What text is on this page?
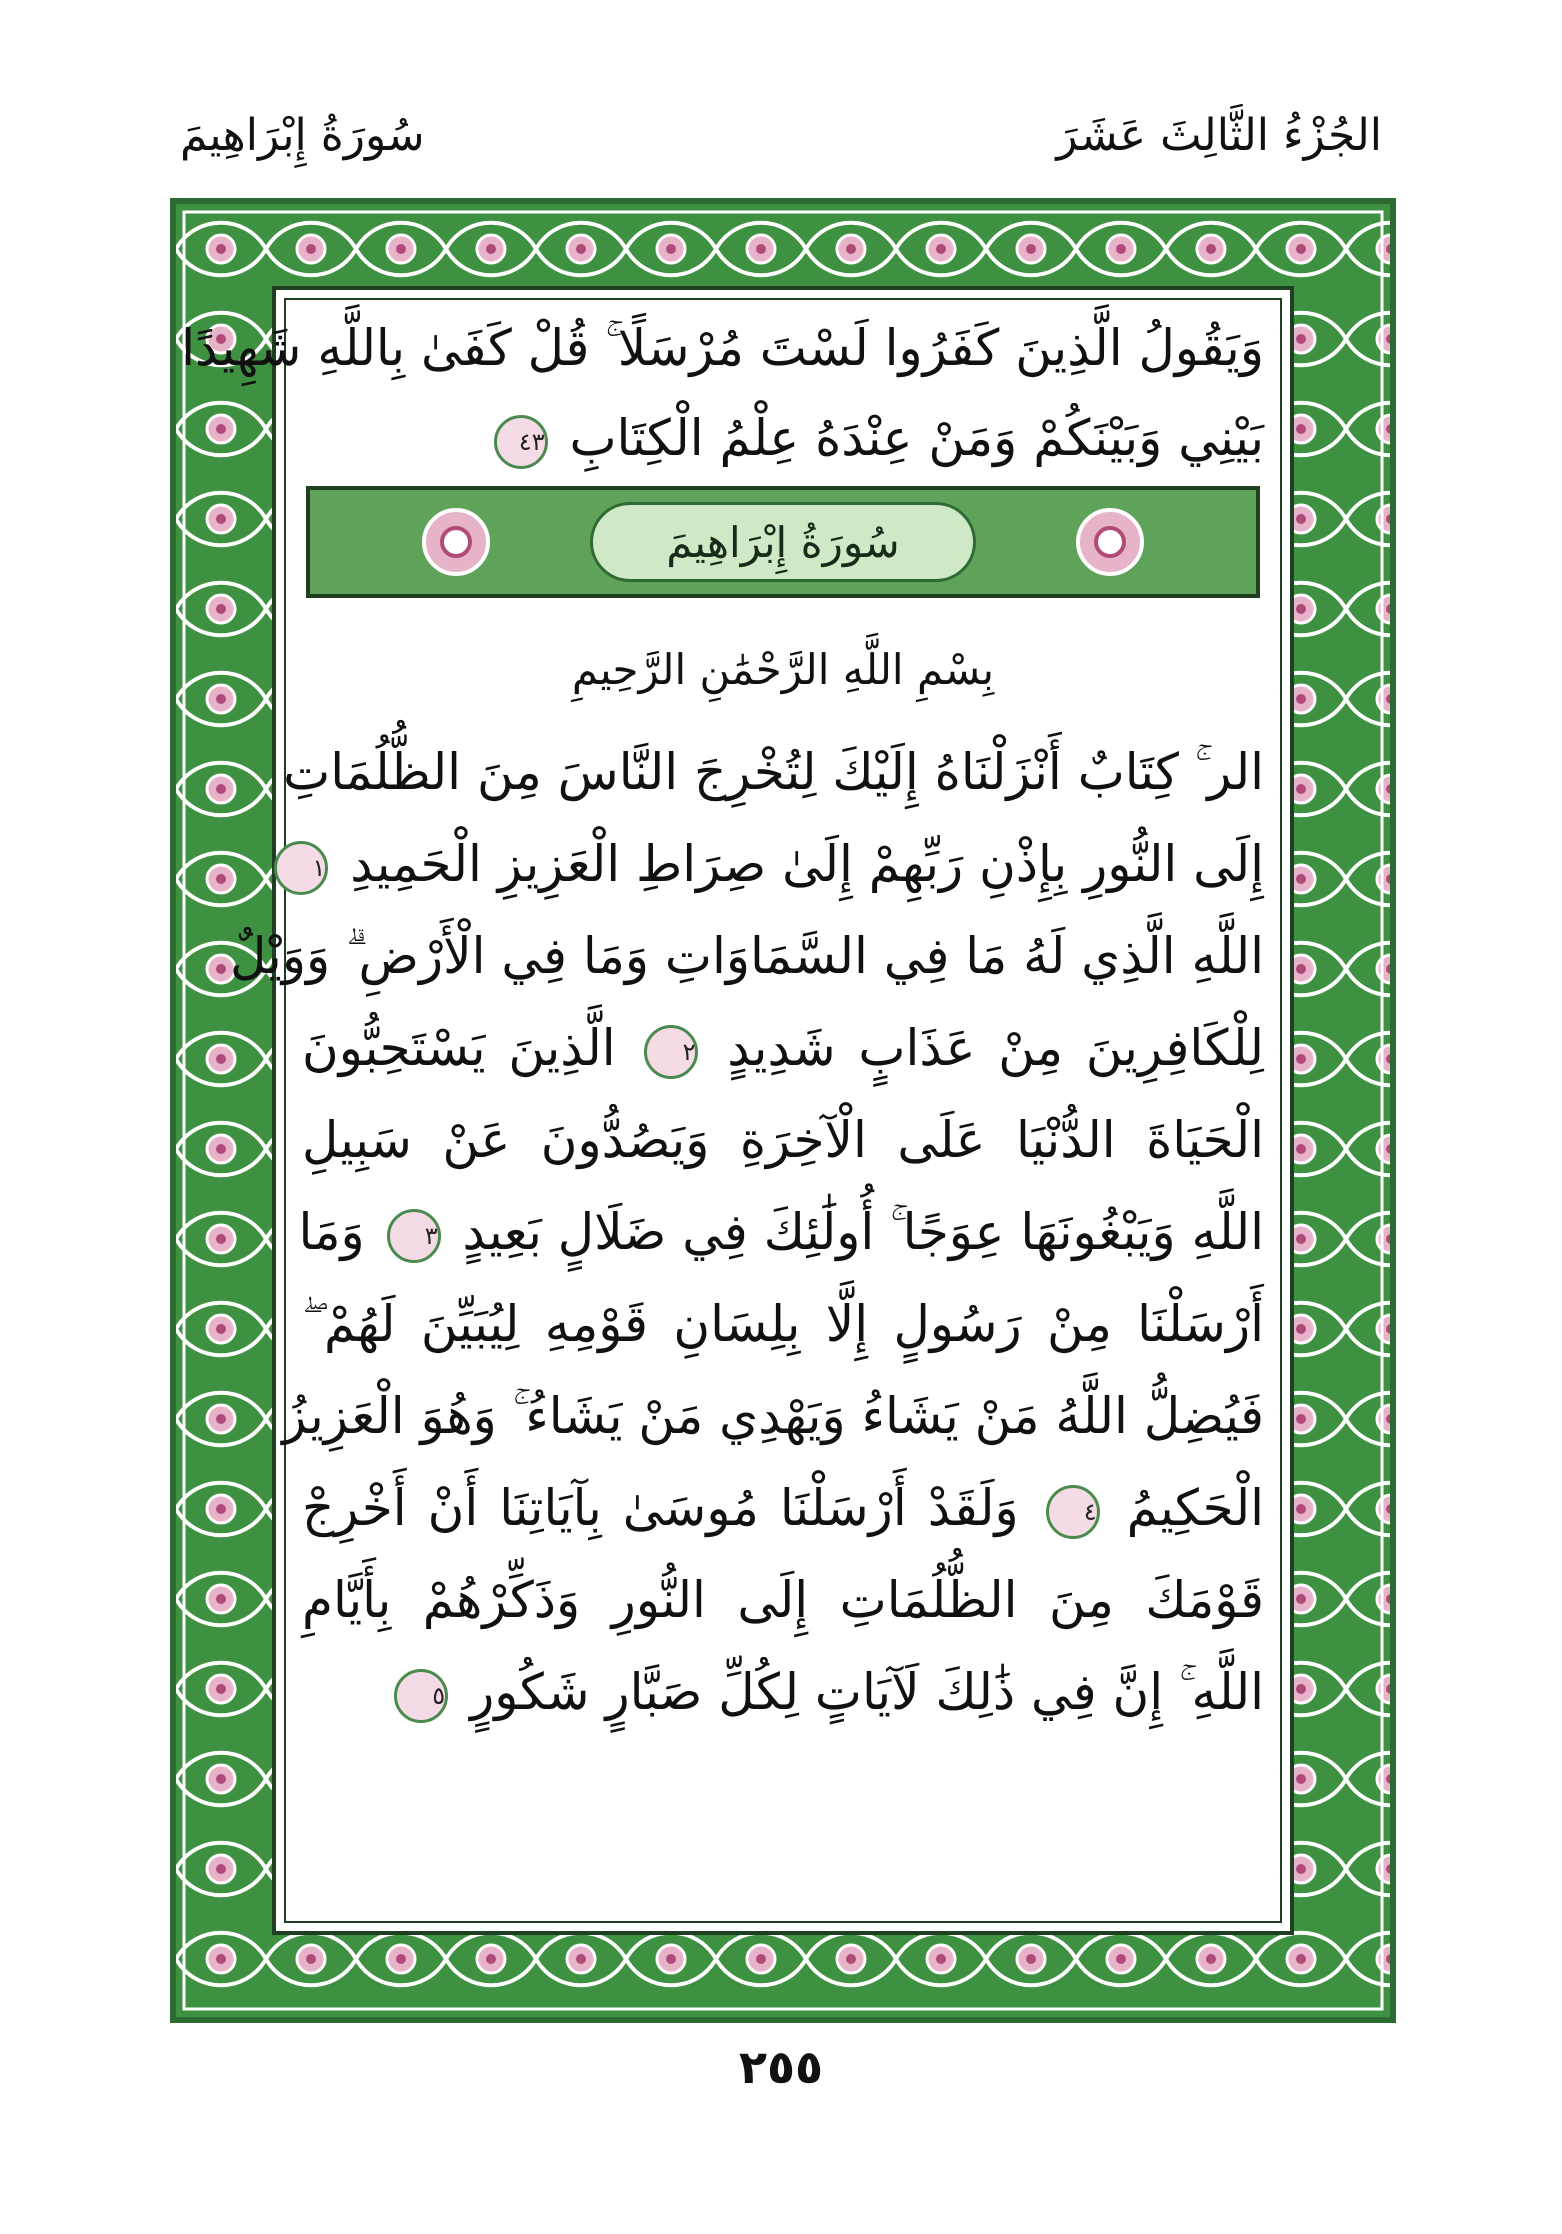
سُورَةُ إِبْرَاهِيمَ	الجُزْءُ الثَّالِثَ عَشَرَ
وَيَقُولُ الَّذِينَ كَفَرُوا لَسْتَ مُرْسَلًا ۚ قُلْ كَفَىٰ بِاللَّهِ شَهِيدًا
بَيْنِي وَبَيْنَكُمْ وَمَنْ عِنْدَهُ عِلْمُ الْكِتَابِ ٤٣
سُورَةُ إِبْرَاهِيمَ
بِسْمِ اللَّهِ الرَّحْمَٰنِ الرَّحِيمِ
الر ۚ كِتَابٌ أَنْزَلْنَاهُ إِلَيْكَ لِتُخْرِجَ النَّاسَ مِنَ الظُّلُمَاتِ
إِلَى النُّورِ بِإِذْنِ رَبِّهِمْ إِلَىٰ صِرَاطِ الْعَزِيزِ الْحَمِيدِ ١
اللَّهِ الَّذِي لَهُ مَا فِي السَّمَاوَاتِ وَمَا فِي الْأَرْضِ ۗ وَوَيْلٌ
لِلْكَافِرِينَ مِنْ عَذَابٍ شَدِيدٍ ٢ الَّذِينَ يَسْتَحِبُّونَ
الْحَيَاةَ الدُّنْيَا عَلَى الْآخِرَةِ وَيَصُدُّونَ عَنْ سَبِيلِ
اللَّهِ وَيَبْغُونَهَا عِوَجًا ۚ أُولَٰئِكَ فِي ضَلَالٍ بَعِيدٍ ٣ وَمَا
أَرْسَلْنَا مِنْ رَسُولٍ إِلَّا بِلِسَانِ قَوْمِهِ لِيُبَيِّنَ لَهُمْ ۖ
فَيُضِلُّ اللَّهُ مَنْ يَشَاءُ وَيَهْدِي مَنْ يَشَاءُ ۚ وَهُوَ الْعَزِيزُ
الْحَكِيمُ ٤ وَلَقَدْ أَرْسَلْنَا مُوسَىٰ بِآيَاتِنَا أَنْ أَخْرِجْ
قَوْمَكَ مِنَ الظُّلُمَاتِ إِلَى النُّورِ وَذَكِّرْهُمْ بِأَيَّامِ
اللَّهِ ۚ إِنَّ فِي ذَٰلِكَ لَآيَاتٍ لِكُلِّ صَبَّارٍ شَكُورٍ ٥
٢٥٥
